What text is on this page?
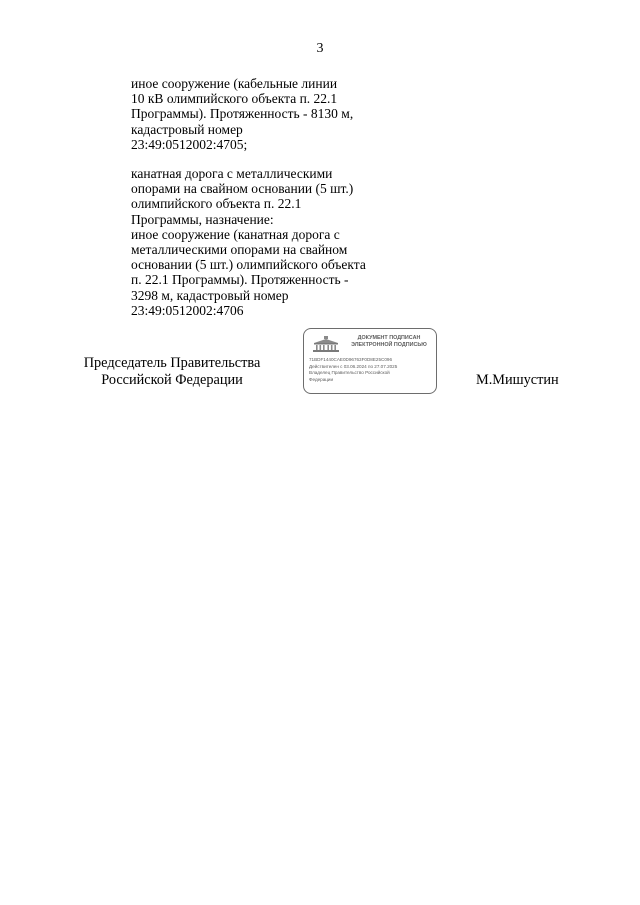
3
иное сооружение (кабельные линии
10 кВ олимпийского объекта п. 22.1
Программы). Протяженность - 8130 м,
кадастровый номер
23:49:0512002:4705;
канатная дорога с металлическими
опорами на свайном основании (5 шт.)
олимпийского объекта п. 22.1
Программы, назначение:
иное сооружение (канатная дорога с
металлическими опорами на свайном
основании (5 шт.) олимпийского объекта
п. 22.1 Программы). Протяженность -
3298 м, кадастровый номер
23:49:0512002:4706
Председатель Правительства
Российской Федерации
ДОКУМЕНТ ПОДПИСАН
ЭЛЕКТРОННОЙ ПОДПИСЬЮ
71BDF1440CAE0D96763F0D8E25C096
Действителен с 03.06.2024 по 27.07.2025
Владелец Правительство Российской
Федерации	М.Мишустин
